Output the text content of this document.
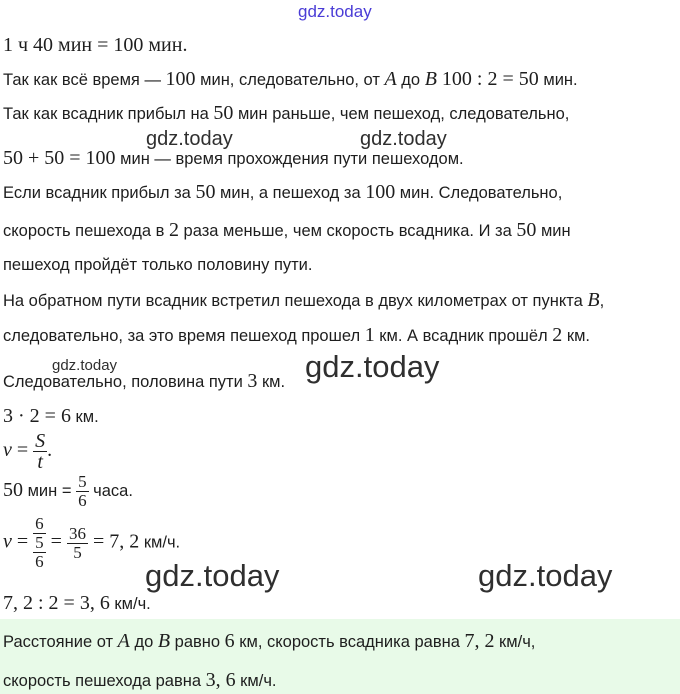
gdz.today
gdz.today	gdz.today
gdz.today	gdz.today
gdz.today	gdz.today
1 ч 40 мин = 100 мин.
Так как всё время — 100 мин, следовательно, от A до B 100 : 2 = 50 мин.
Так как всадник прибыл на 50 мин раньше, чем пешеход, следовательно,
50 + 50 = 100 мин — время прохождения пути пешеходом.
Если всадник прибыл за 50 мин, а пешеход за 100 мин. Следовательно,
скорость пешехода в 2 раза меньше, чем скорость всадника. И за 50 мин
пешеход пройдёт только половину пути.
На обратном пути всадник встретил пешехода в двух километрах от пункта B,
следовательно, за это время пешеход прошел 1 км. А всадник прошёл 2 км.
Следовательно, половина пути 3 км.
3 · 2 = 6 км.
$v = \frac{S}{t}$ .
50 мин = $\frac{5}{6}$ часа.
v =
6
5
6
= $\frac{36}{5} = 7$, 2 км/ч.
7, 2 : 2 = 3, 6 км/ч.
Расстояние от A до B равно 6 км, скорость всадника равна 7, 2 км/ч,
скорость пешехода равна 3, 6 км/ч.
